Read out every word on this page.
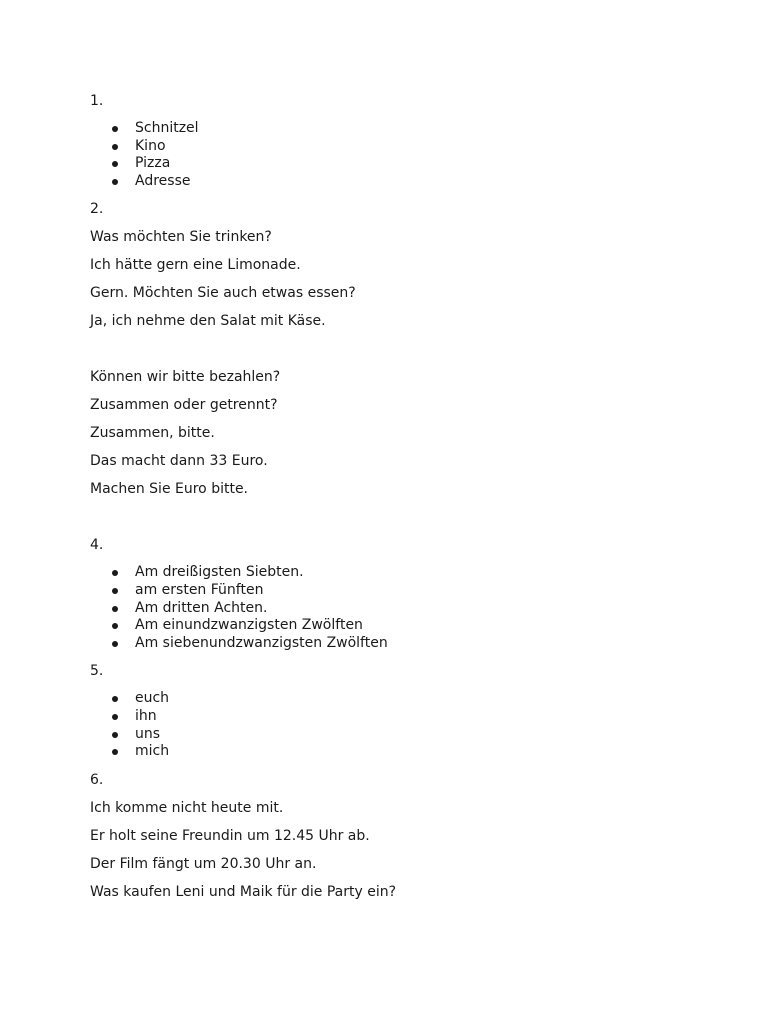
1.
Schnitzel
Kino
Pizza
Adresse
2.
Was möchten Sie trinken?
Ich hätte gern eine Limonade.
Gern. Möchten Sie auch etwas essen?
Ja, ich nehme den Salat mit Käse.
Können wir bitte bezahlen?
Zusammen oder getrennt?
Zusammen, bitte.
Das macht dann 33 Euro.
Machen Sie Euro bitte.
4.
Am dreißigsten Siebten.
am ersten Fünften
Am dritten Achten.
Am einundzwanzigsten Zwölften
Am siebenundzwanzigsten Zwölften
5.
euch
ihn
uns
mich
6.
Ich komme nicht heute mit.
Er holt seine Freundin um 12.45 Uhr ab.
Der Film fängt um 20.30 Uhr an.
Was kaufen Leni und Maik für die Party ein?
